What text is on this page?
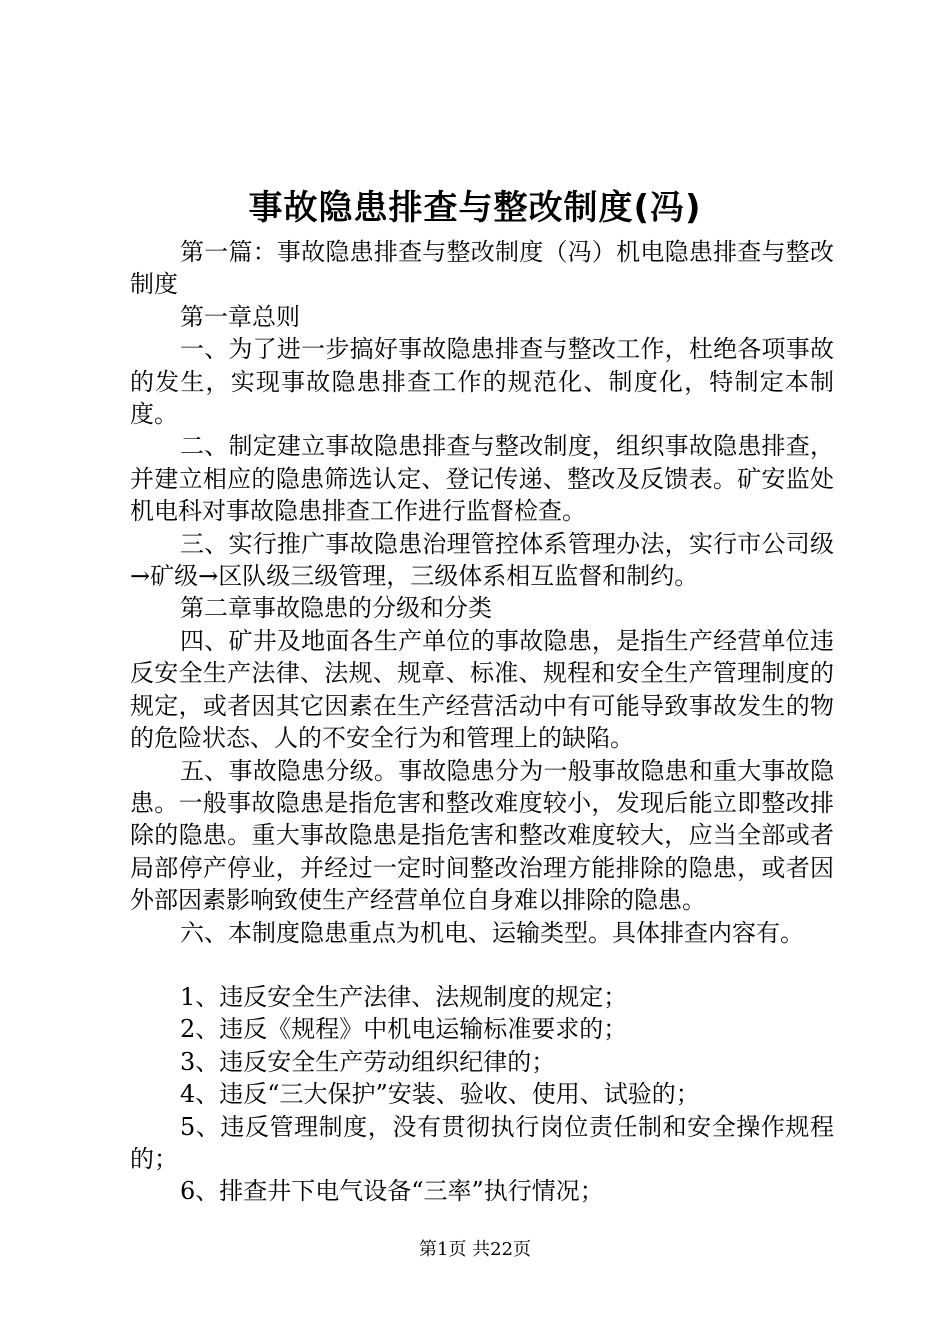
事故隐患排查与整改制度(冯)

第一篇：事故隐患排查与整改制度（冯）机电隐患排查与整改制度

第一章总则

一、为了进一步搞好事故隐患排查与整改工作，杜绝各项事故的发生，实现事故隐患排查工作的规范化、制度化，特制定本制度。

二、制定建立事故隐患排查与整改制度，组织事故隐患排查，并建立相应的隐患筛选认定、登记传递、整改及反馈表。矿安监处机电科对事故隐患排查工作进行监督检查。

三、实行推广事故隐患治理管控体系管理办法，实行市公司级→矿级→区队级三级管理，三级体系相互监督和制约。

第二章事故隐患的分级和分类

四、矿井及地面各生产单位的事故隐患，是指生产经营单位违反安全生产法律、法规、规章、标准、规程和安全生产管理制度的规定，或者因其它因素在生产经营活动中有可能导致事故发生的物的危险状态、人的不安全行为和管理上的缺陷。

五、事故隐患分级。事故隐患分为一般事故隐患和重大事故隐患。一般事故隐患是指危害和整改难度较小，发现后能立即整改排除的隐患。重大事故隐患是指危害和整改难度较大，应当全部或者局部停产停业，并经过一定时间整改治理方能排除的隐患，或者因外部因素影响致使生产经营单位自身难以排除的隐患。

六、本制度隐患重点为机电、运输类型。具体排查内容有。

1、违反安全生产法律、法规制度的规定；

2、违反《规程》中机电运输标准要求的；

3、违反安全生产劳动组织纪律的；

4、违反“三大保护”安装、验收、使用、试验的；

5、违反管理制度，没有贯彻执行岗位责任制和安全操作规程的；

6、排查井下电气设备“三率”执行情况；

第1页 共22页
